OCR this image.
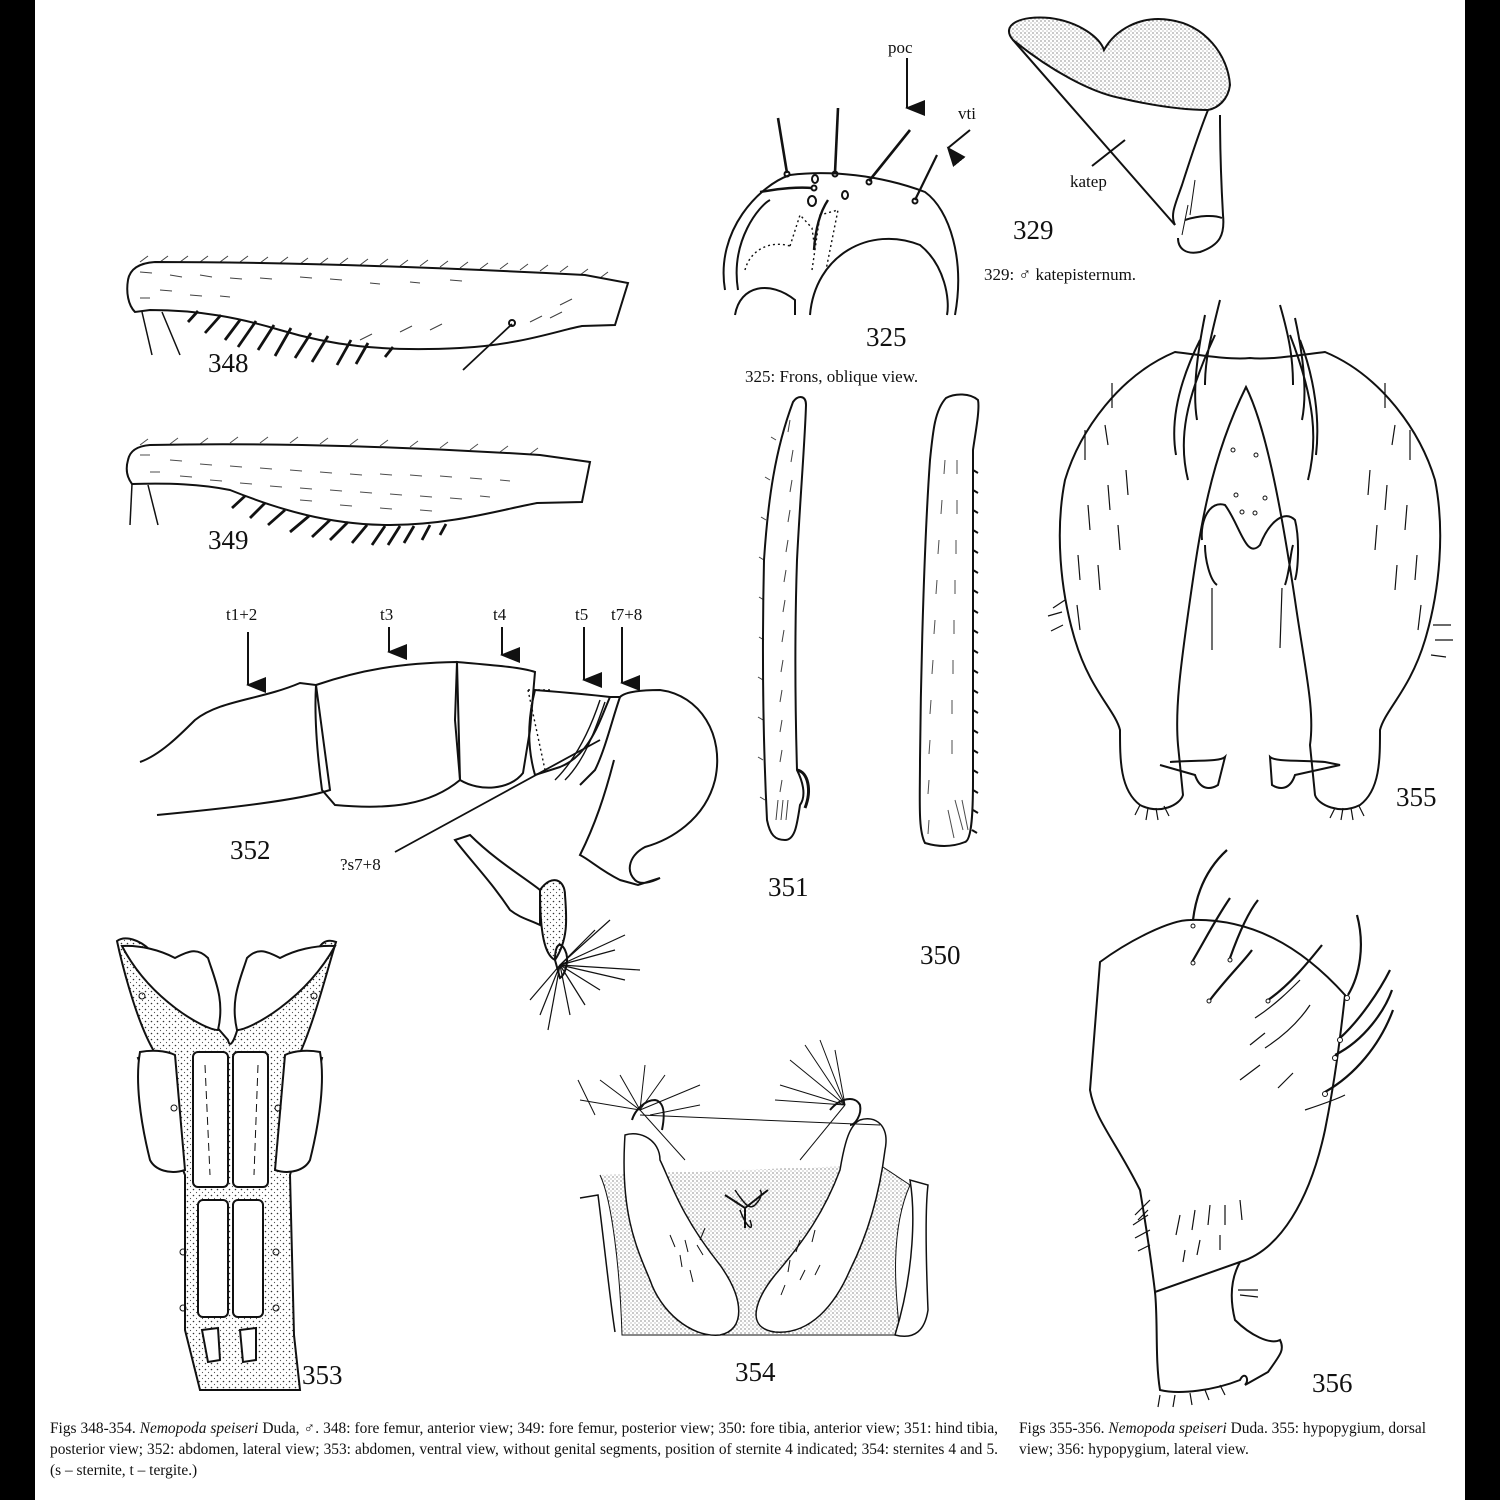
poc
vti
325
325: Frons, oblique view.
katep
329
329: ♂ katepisternum.
348
349
351
350
t1+2	t3	t4	t5 t7+8
?s7+8
352
353	354
355
356
Figs 348-354. Nemopoda speiseri Duda, ♂. 348: fore femur, anterior view; 349: fore femur, posterior view; 350: fore tibia, anterior view; 351: hind tibia, posterior view; 352: abdomen, lateral view; 353: abdomen, ventral view, without genital segments, position of sternite 4 indicated; 354: sternites 4 and 5. (s – sternite, t – tergite.)
Figs 355-356. Nemopoda speiseri Duda. 355: hypopygium, dorsal view; 356: hypopygium, lateral view.
